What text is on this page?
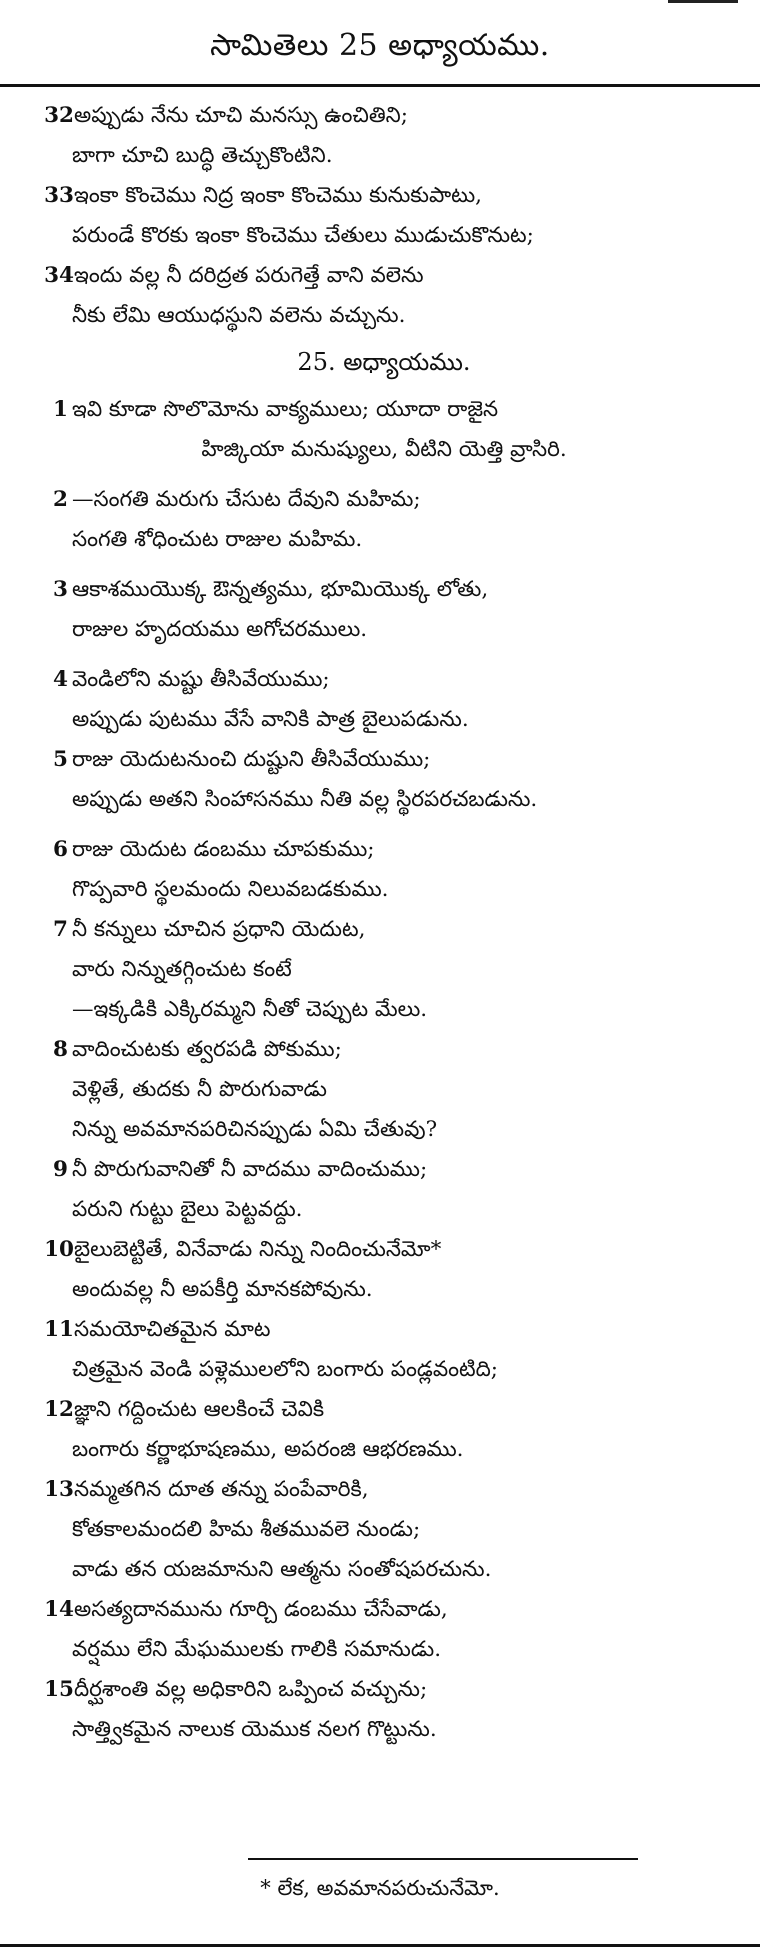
సామితెలు 25 అధ్యాయము.
32అప్పుడు నేను చూచి మనస్సు ఉంచితిని;
బాగా చూచి బుద్ధి తెచ్చుకొంటిని.
33ఇంకా కొంచెము నిద్ర ఇంకా కొంచెము కునుకుపాటు,
పరుండే కొరకు ఇంకా కొంచెము చేతులు ముడుచుకొనుట;
34ఇందు వల్ల నీ దరిద్రత పరుగెత్తే వాని వలెను
నీకు లేమి ఆయుధస్థుని వలెను వచ్చును.
25. అధ్యాయము.
1 ఇవి కూడా సొలొమోను వాక్యములు; యూదా రాజైన
హిజ్కియా మనుష్యులు, వీటిని యెత్తి వ్రాసిరి.
2 —సంగతి మరుగు చేసుట దేవుని మహిమ;
సంగతి శోధించుట రాజుల మహిమ.
3 ఆకాశముయొక్క ఔన్నత్యము, భూమియొక్క లోతు,
రాజుల హృదయము అగోచరములు.
4 వెండిలోని మష్టు తీసివేయుము;
అప్పుడు పుటము వేసే వానికి పాత్ర బైలుపడును.
5 రాజు యెదుటనుంచి దుష్టుని తీసివేయుము;
అప్పుడు అతని సింహాసనము నీతి వల్ల స్థిరపరచబడును.
6 రాజు యెదుట డంబము చూపకుము;
గొప్పవారి స్థలమందు నిలువబడకుము.
7 నీ కన్నులు చూచిన ప్రధాని యెదుట,
వారు నిన్నుతగ్గించుట కంటే
—ఇక్కడికి ఎక్కిరమ్మని నీతో చెప్పుట మేలు.
8 వాదించుటకు త్వరపడి పోకుము;
వెళ్లితే, తుదకు నీ పొరుగువాడు
నిన్ను అవమానపరిచినప్పుడు ఏమి చేతువు?
9 నీ పొరుగువానితో నీ వాదము వాదించుము;
పరుని గుట్టు బైలు పెట్టవద్దు.
10బైలుబెట్టితే, వినేవాడు నిన్ను నిందించునేమో*
అందువల్ల నీ అపకీర్తి మానకపోవును.
11సమయోచితమైన మాట
చిత్రమైన వెండి పళ్లెములలోని బంగారు పండ్లవంటిది;
12జ్ఞాని గద్దించుట ఆలకించే చెవికి
బంగారు కర్ణాభూషణము, అపరంజి ఆభరణము.
13నమ్మతగిన దూత తన్ను పంపేవారికి,
కోతకాలమందలి హిమ శీతమువలె నుండు;
వాడు తన యజమానుని ఆత్మను సంతోషపరచును.
14అసత్యదానమును గూర్చి డంబము చేసేవాడు,
వర్షము లేని మేఘములకు గాలికి సమానుడు.
15దీర్ఘశాంతి వల్ల అధికారిని ఒప్పించ వచ్చును;
సాత్త్వికమైన నాలుక యెముక నలగ గొట్టును.
* లేక, అవమానపరుచునేమో.
